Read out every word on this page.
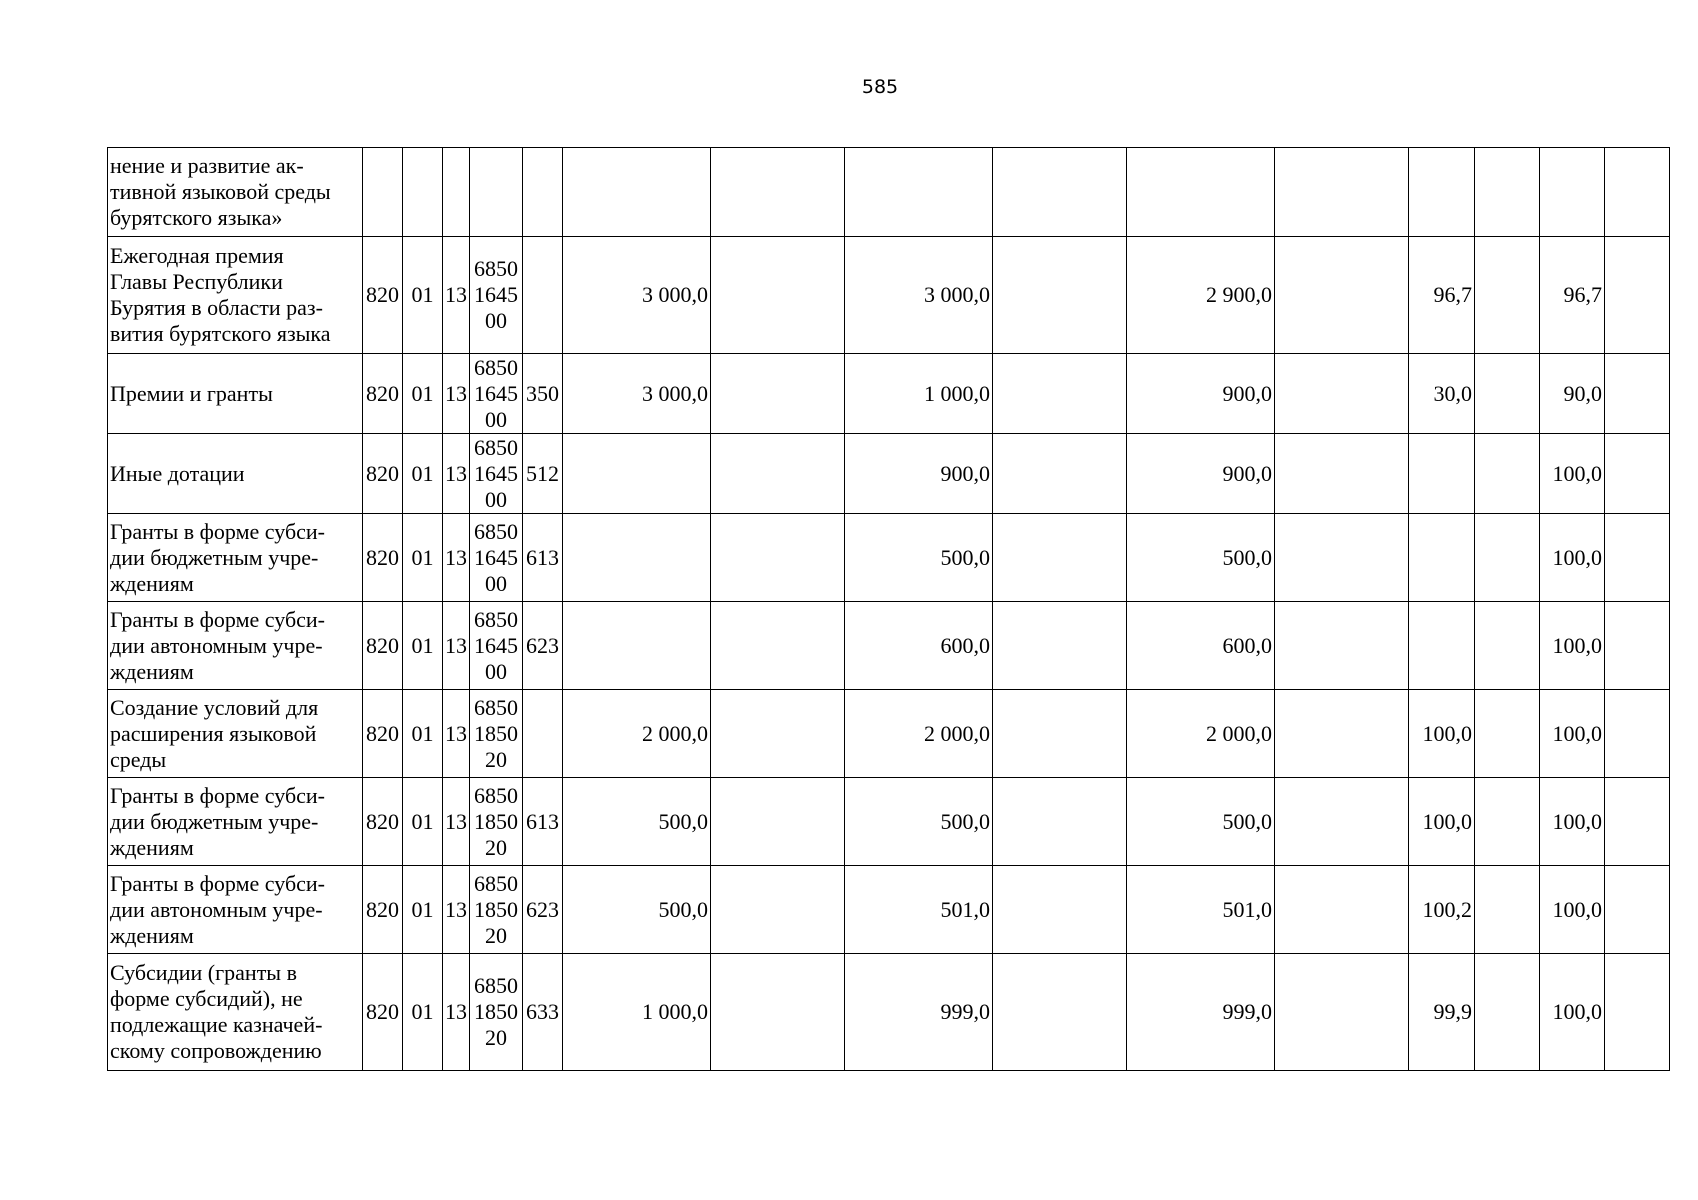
585
нение и развитие ак-
тивной языковой среды
бурятского языка»															

Ежегодная премия
Главы Республики
Бурятия в области раз-
вития бурятского языка	820	01	13	6850
1645
00		3 000,0		3 000,0		2 900,0		96,7		96,7	

Премии и гранты	820	01	13	6850
1645
00	350	3 000,0		1 000,0		900,0		30,0		90,0	

Иные дотации	820	01	13	6850
1645
00	512			900,0		900,0				100,0	

Гранты в форме субси-
дии бюджетным учре-
ждениям	820	01	13	6850
1645
00	613			500,0		500,0				100,0	

Гранты в форме субси-
дии автономным учре-
ждениям	820	01	13	6850
1645
00	623			600,0		600,0				100,0	

Создание условий для
расширения языковой
среды	820	01	13	6850
1850
20		2 000,0		2 000,0		2 000,0		100,0		100,0	

Гранты в форме субси-
дии бюджетным учре-
ждениям	820	01	13	6850
1850
20	613	500,0		500,0		500,0		100,0		100,0	

Гранты в форме субси-
дии автономным учре-
ждениям	820	01	13	6850
1850
20	623	500,0		501,0		501,0		100,2		100,0	

Субсидии (гранты в
форме субсидий), не
подлежащие казначей-
скому сопровождению	820	01	13	6850
1850
20	633	1 000,0		999,0		999,0		99,9		100,0	
